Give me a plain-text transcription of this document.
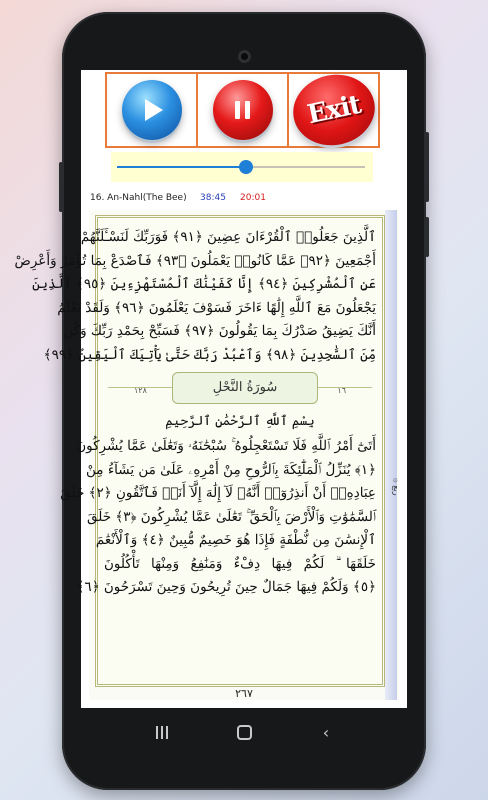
Exit
16. An-Nahl(The Bee)	38:45	20:01
۞ ربع
ٱلَّذِينَ جَعَلُوا۟ ٱلْقُرْءَانَ عِضِينَ ﴿٩١﴾ فَوَرَبِّكَ لَنَسْـَٔلَنَّهُمْ
أَجْمَعِينَ ﴿٩٢﴾ عَمَّا كَانُوا۟ يَعْمَلُونَ ﴿٩٣﴾ فَٱصْدَعْ بِمَا تُؤْمَرُ وَأَعْرِضْ
عَنِ ٱلْمُشْرِكِينَ ﴿٩٤﴾ إِنَّا كَفَيْنَٰكَ ٱلْمُسْتَهْزِءِينَ ﴿٩٥﴾ ٱلَّذِينَ
يَجْعَلُونَ مَعَ ٱللَّهِ إِلَٰهًا ءَاخَرَ فَسَوْفَ يَعْلَمُونَ ﴿٩٦﴾ وَلَقَدْ نَعْلَمُ
أَنَّكَ يَضِيقُ صَدْرُكَ بِمَا يَقُولُونَ ﴿٩٧﴾ فَسَبِّحْ بِحَمْدِ رَبِّكَ وَكُن
مِّنَ ٱلسَّٰجِدِينَ ﴿٩٨﴾ وَٱعْبُدْ رَبَّكَ حَتَّىٰ يَأْتِيَكَ ٱلْيَقِينُ ﴿٩٩﴾
١٢٨	سُورَةُ النَّحْلِ	١٦
بِسْمِ ٱللَّهِ ٱلرَّحْمَٰنِ ٱلرَّحِيمِ
أَتَىٰٓ أَمْرُ ٱللَّهِ فَلَا تَسْتَعْجِلُوهُ ۚ سُبْحَٰنَهُۥ وَتَعَٰلَىٰ عَمَّا يُشْرِكُونَ
﴿١﴾ يُنَزِّلُ ٱلْمَلَٰٓئِكَةَ بِٱلرُّوحِ مِنْ أَمْرِهِۦ عَلَىٰ مَن يَشَآءُ مِنْ
عِبَادِهِۦٓ أَنْ أَنذِرُوٓا۟ أَنَّهُۥ لَآ إِلَٰهَ إِلَّآ أَنَا۠ فَٱتَّقُونِ ﴿٢﴾ خَلَقَ
ٱلسَّمَٰوَٰتِ وَٱلْأَرْضَ بِٱلْحَقِّ ۚ تَعَٰلَىٰ عَمَّا يُشْرِكُونَ ﴿٣﴾ خَلَقَ
ٱلْإِنسَٰنَ مِن نُّطْفَةٍ فَإِذَا هُوَ خَصِيمٌ مُّبِينٌ ﴿٤﴾ وَٱلْأَنْعَٰمَ
خَلَقَهَا ۗ لَكُمْ فِيهَا دِفْءٌ وَمَنَٰفِعُ وَمِنْهَا تَأْكُلُونَ
﴿٥﴾ وَلَكُمْ فِيهَا جَمَالٌ حِينَ تُرِيحُونَ وَحِينَ تَسْرَحُونَ ﴿٦﴾
٢٦٧
‹
